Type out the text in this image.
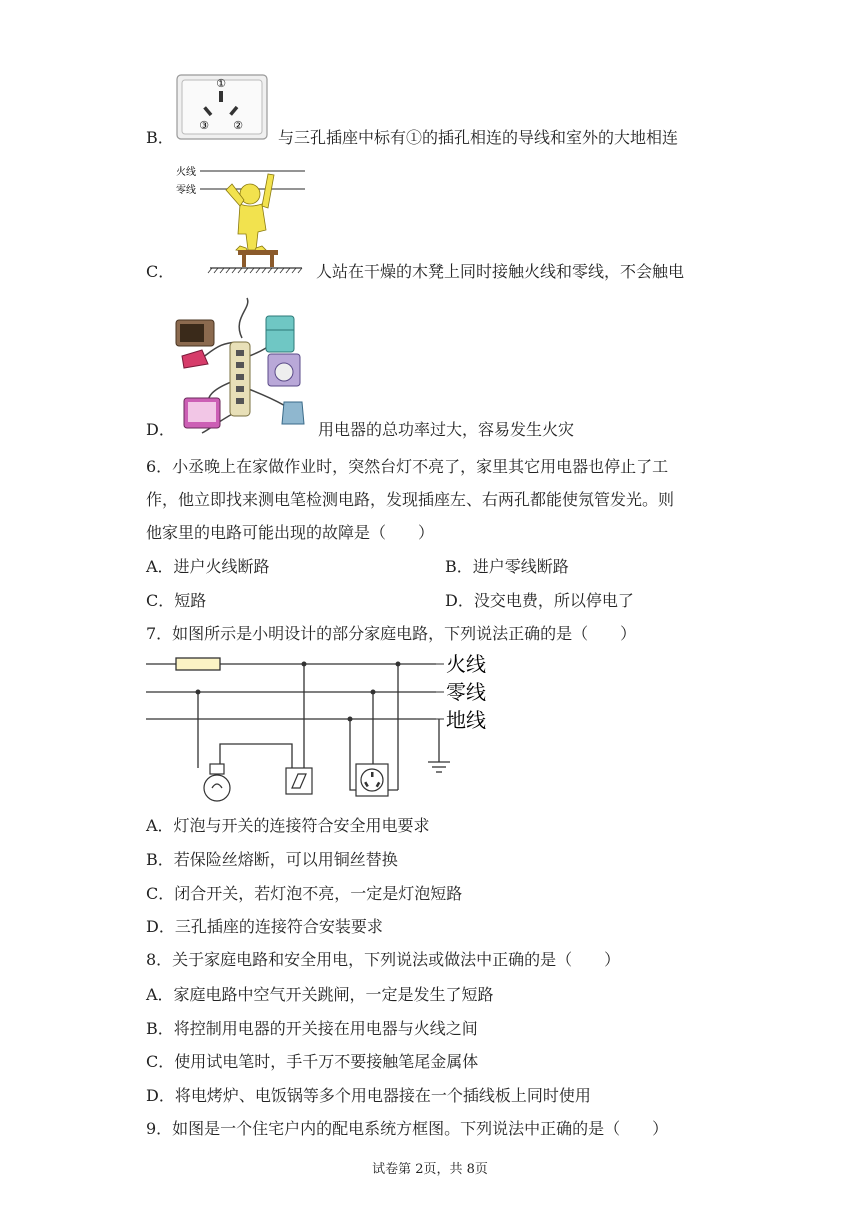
B．
①
②
③
与三孔插座中标有①的插孔相连的导线和室外的大地相连
火线
零线
C．	人站在干燥的木凳上同时接触火线和零线，不会触电
D．	用电器的总功率过大，容易发生火灾
6．小丞晚上在家做作业时，突然台灯不亮了，家里其它用电器也停止了工
作，他立即找来测电笔检测电路，发现插座左、右两孔都能使氖管发光。则
他家里的电路可能出现的故障是（　　）
A．进户火线断路	B．进户零线断路
C．短路	D．没交电费，所以停电了
7．如图所示是小明设计的部分家庭电路，下列说法正确的是（　　）
火线
零线
地线
A．灯泡与开关的连接符合安全用电要求
B．若保险丝熔断，可以用铜丝替换
C．闭合开关，若灯泡不亮，一定是灯泡短路
D．三孔插座的连接符合安装要求
8．关于家庭电路和安全用电，下列说法或做法中正确的是（　　）
A．家庭电路中空气开关跳闸，一定是发生了短路
B．将控制用电器的开关接在用电器与火线之间
C．使用试电笔时，手千万不要接触笔尾金属体
D．将电烤炉、电饭锅等多个用电器接在一个插线板上同时使用
9．如图是一个住宅户内的配电系统方框图。下列说法中正确的是（　　）
试卷第 2页，共 8页
